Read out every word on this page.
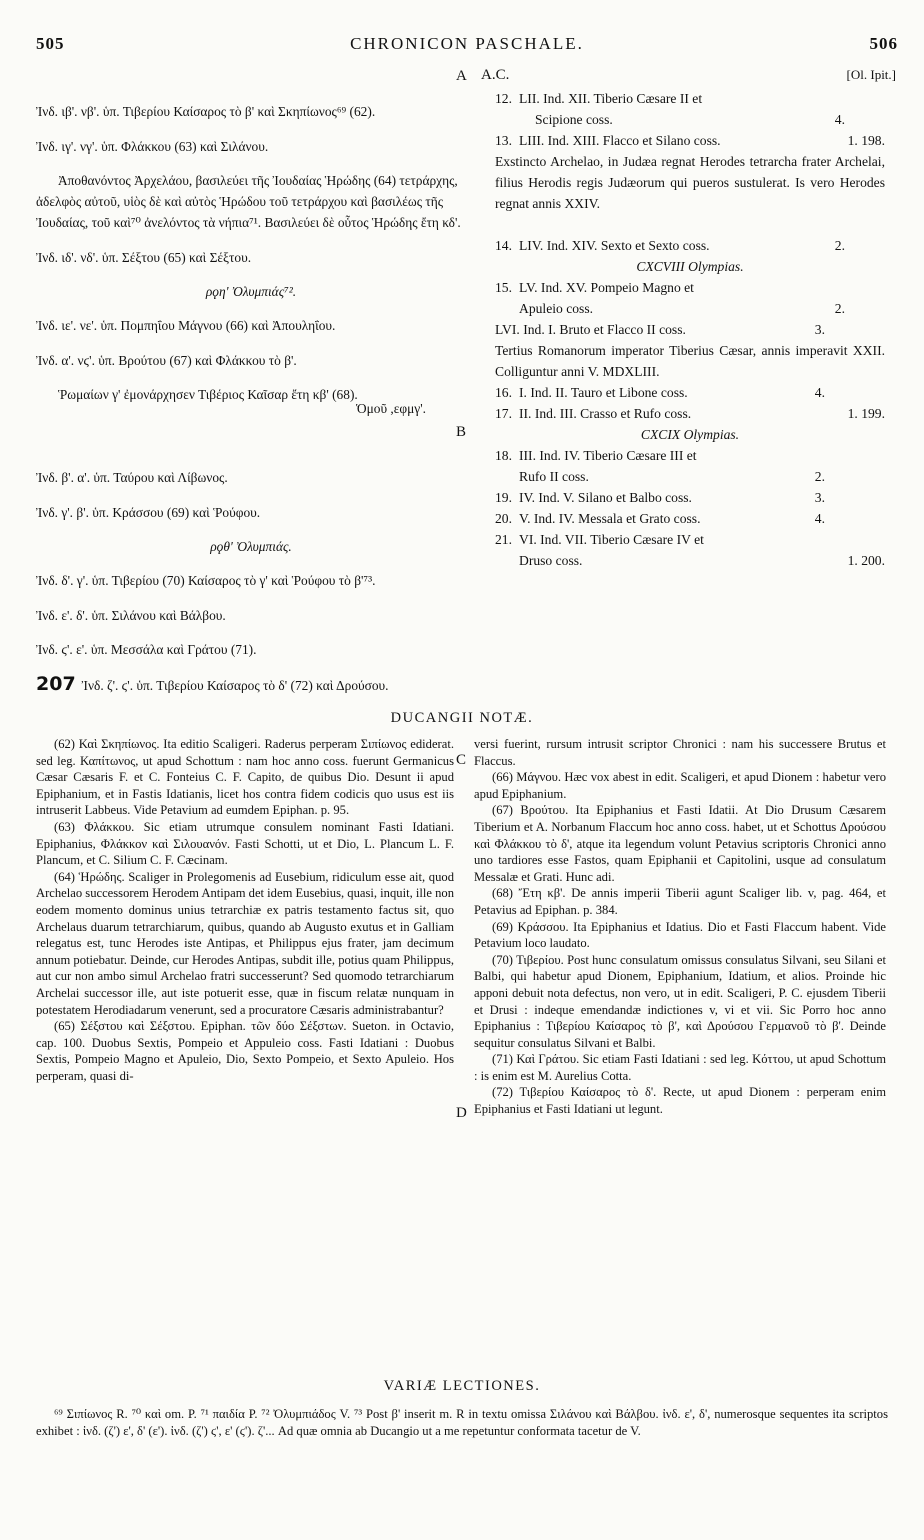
505	CHRONICON PASCHALE.	506
A A.C.	[Ol. Ipit.]

Ἰνδ. ιβ'. νβ'. ὑπ. Τιβερίου Καίσαρος τὸ β' καὶ Σκηπίωνος⁶⁹ (62).

Ἰνδ. ιγ'. νγ'. ὑπ. Φλάκκου (63) καὶ Σιλάνου.

Ἀποθανόντος Ἀρχελάου, βασιλεύει τῆς Ἰουδαίας Ἡρώδης (64) τετράρχης, ἀδελφὸς αὐτοῦ, υἱὸς δὲ καὶ αὐτὸς Ἡρώδου τοῦ τετράρχου καὶ βασιλέως τῆς Ἰουδαίας, τοῦ καὶ⁷⁰ ἀνελόντος τὰ νήπια⁷¹. Βασιλεύει δὲ οὗτος Ἡρώδης ἔτη κδ'.

Ἰνδ. ιδ'. νδ'. ὑπ. Σέξτου (65) καὶ Σέξτου.

ρϙη' Ὀλυμπιάς⁷².

Ἰνδ. ιε'. νε'. ὑπ. Πομπηΐου Μάγνου (66) καὶ Ἀπουληΐου.

Ἰνδ. α'. νϛ'. ὑπ. Βρούτου (67) καὶ Φλάκκου τὸ β'.

Ῥωμαίων γ' ἐμονάρχησεν Τιβέριος Καῖσαρ ἔτη κβ' (68).

Ὁμοῦ ,εφμγ'.

Ἰνδ. β'. α'. ὑπ. Ταύρου καὶ Λίβωνος.

Ἰνδ. γ'. β'. ὑπ. Κράσσου (69) καὶ Ῥούφου.

ρϙθ' Ὀλυμπιάς.

Ἰνδ. δ'. γ'. ὑπ. Τιβερίου (70) Καίσαρος τὸ γ' καὶ Ῥούφου τὸ β'⁷³.

Ἰνδ. ε'. δ'. ὑπ. Σιλάνου καὶ Βάλβου.

Ἰνδ. ϛ'. ε'. ὑπ. Μεσσάλα καὶ Γράτου (71).

207 Ἰνδ. ζ'. ϛ'. ὑπ. Τιβερίου Καίσαρος τὸ δ' (72) καὶ Δρούσου.

B
12. LII. Ind. XII. Tiberio Cæsare II et
Scipione coss.	4.
13. LIII. Ind. XIII. Flacco et Silano coss.	1. 198.
Exstincto Archelao, in Judæa regnat Herodes tetrarcha frater Archelai, filius Herodis regis Judæorum qui pueros sustulerat. Is vero Herodes regnat annis XXIV.
14. LIV. Ind. XIV. Sexto et Sexto coss.	2.
CXCVIII Olympias.
15. LV. Ind. XV. Pompeio Magno et
Apuleio coss.	2.
LVI. Ind. I. Bruto et Flacco II coss.	3.
Tertius Romanorum imperator Tiberius Cæsar, annis imperavit XXII. Colliguntur anni V. MDXLIII.
16. I. Ind. II. Tauro et Libone coss.	4.
17. II. Ind. III. Crasso et Rufo coss.	1. 199.
CXCIX Olympias.
18. III. Ind. IV. Tiberio Cæsare III et
Rufo II coss.	2.
19. IV. Ind. V. Silano et Balbo coss.	3.
20. V. Ind. IV. Messala et Grato coss.	4.
21. VI. Ind. VII. Tiberio Cæsare IV et
Druso coss.	1. 200.
DUCANGII NOTÆ.
C
D

(62) Καὶ Σκηπίωνος. Ita editio Scaligeri. Raderus perperam Σιπίωνος ediderat. sed leg. Καπίτωνος, ut apud Schottum : nam hoc anno coss. fuerunt Germanicus Cæsar Cæsaris F. et C. Fonteius C. F. Capito, de quibus Dio. Desunt ii apud Epiphanium, et in Fastis Idatianis, licet hos contra fidem codicis quo usus est iis intruserit Labbeus. Vide Petavium ad eumdem Epiphan. p. 95.

(63) Φλάκκου. Sic etiam utrumque consulem nominant Fasti Idatiani. Epiphanius, Φλάκκον καὶ Σιλουανόν. Fasti Schotti, ut et Dio, L. Plancum L. F. Plancum, et C. Silium C. F. Cæcinam.

(64) Ἡρώδης. Scaliger in Prolegomenis ad Eusebium, ridiculum esse ait, quod Archelao successorem Herodem Antipam det idem Eusebius, quasi, inquit, ille non eodem momento dominus unius tetrarchiæ ex patris testamento factus sit, quo Archelaus duarum tetrarchiarum, quibus, quando ab Augusto exutus et in Galliam relegatus est, tunc Herodes iste Antipas, et Philippus ejus frater, jam decimum annum potiebatur. Deinde, cur Herodes Antipas, subdit ille, potius quam Philippus, aut cur non ambo simul Archelao fratri successerunt? Sed quomodo tetrarchiarum Archelai successor ille, aut iste potuerit esse, quæ in fiscum relatæ nunquam in potestatem Herodiadarum venerunt, sed a procuratore Cæsaris administrabantur?

(65) Σέξστου καὶ Σέξστου. Epiphan. τῶν δύο Σέξστων. Sueton. in Octavio, cap. 100. Duobus Sextis, Pompeio et Appuleio coss. Fasti Idatiani : Duobus Sextis, Pompeio Magno et Apuleio, Dio, Sexto Pompeio, et Sexto Apuleio. Hos perperam, quasi di-

versi fuerint, rursum intrusit scriptor Chronici : nam his successere Brutus et Flaccus.

(66) Μάγνου. Hæc vox abest in edit. Scaligeri, et apud Dionem : habetur vero apud Epiphanium.

(67) Βρούτου. Ita Epiphanius et Fasti Idatii. At Dio Drusum Cæsarem Tiberium et A. Norbanum Flaccum hoc anno coss. habet, ut et Schottus Δρούσου καὶ Φλάκκου τὸ δ', atque ita legendum volunt Petavius scriptoris Chronici anno uno tardiores esse Fastos, quam Epiphanii et Capitolini, usque ad consulatum Messalæ et Grati. Hunc adi.

(68) Ἔτη κβ'. De annis imperii Tiberii agunt Scaliger lib. v, pag. 464, et Petavius ad Epiphan. p. 384.

(69) Κράσσου. Ita Epiphanius et Idatius. Dio et Fasti Flaccum habent. Vide Petavium loco laudato.

(70) Τιβερίου. Post hunc consulatum omissus consulatus Silvani, seu Silani et Balbi, qui habetur apud Dionem, Epiphanium, Idatium, et alios. Proinde hic apponi debuit nota defectus, non vero, ut in edit. Scaligeri, P. C. ejusdem Tiberii et Drusi : indeque emendandæ indictiones v, vi et vii. Sic Porro hoc anno Epiphanius : Τιβερίου Καίσαρος τὸ β', καὶ Δρούσου Γερμανοῦ τὸ β'. Deinde sequitur consulatus Silvani et Balbi.

(71) Καὶ Γράτου. Sic etiam Fasti Idatiani : sed leg. Κόττου, ut apud Schottum : is enim est M. Aurelius Cotta.

(72) Τιβερίου Καίσαρος τὸ δ'. Recte, ut apud Dionem : perperam enim Epiphanius et Fasti Idatiani ut legunt.

VARIÆ LECTIONES.

⁶⁹ Σιπίωνος R. ⁷⁰ καὶ om. P. ⁷¹ παιδία P. ⁷² Ὀλυμπιάδος V. ⁷³ Post β' inserit m. R in textu omissa Σιλάνου καὶ Βάλβου. ἰνδ. ε', δ', numerosque sequentes ita scriptos exhibet : ἰνδ. (ζ') ε', δ' (ε'). ἰνδ. (ζ') ϛ', ε' (ϛ'). ζ'... Ad quæ omnia ab Ducangio ut a me repetuntur conformata tacetur de V.
